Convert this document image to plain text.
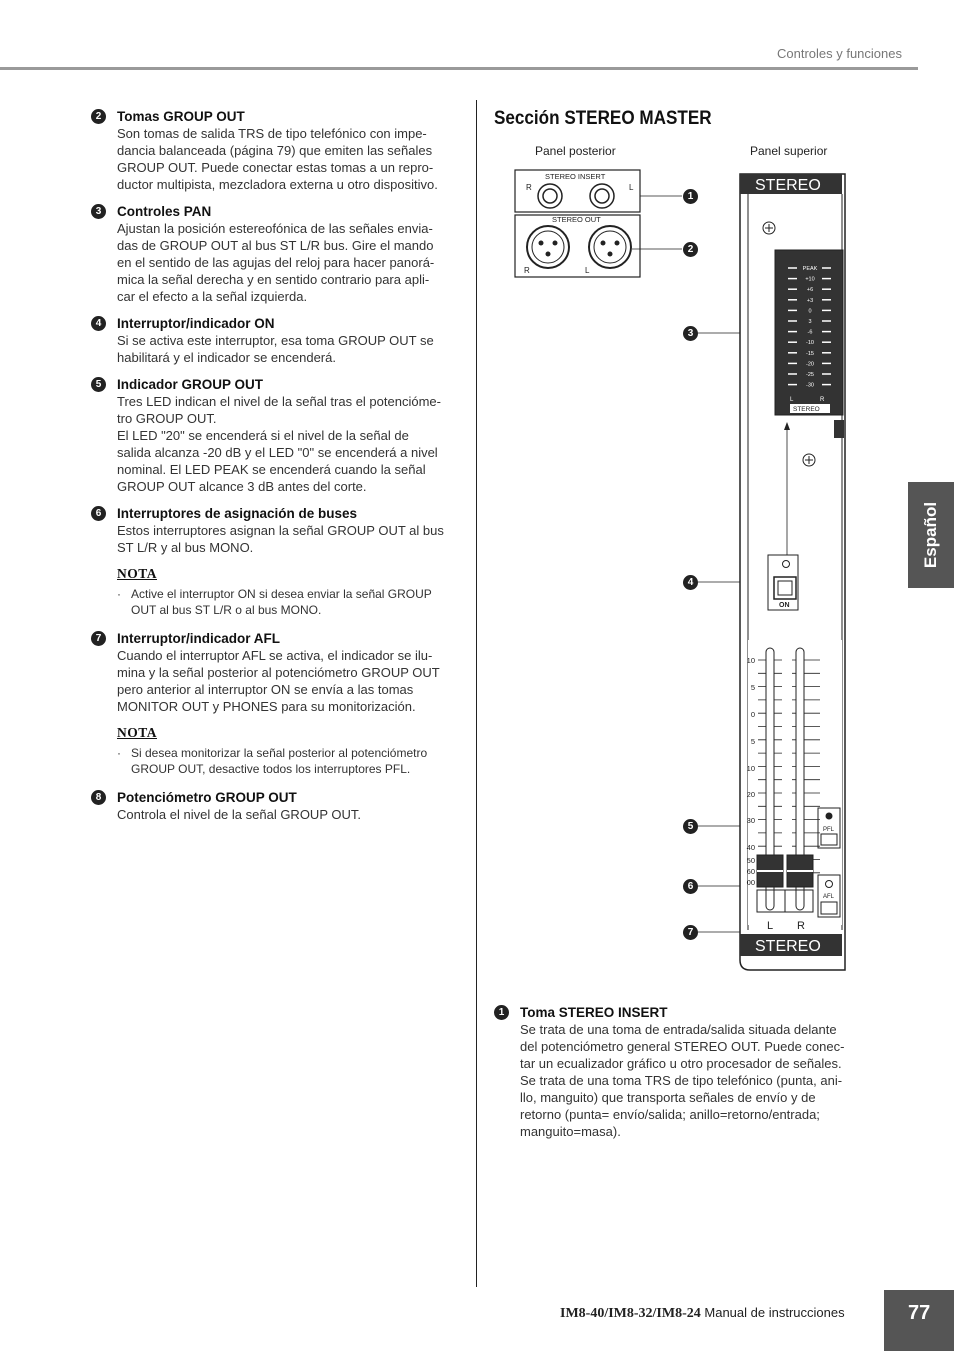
Controles y funciones
2	Tomas GROUP OUT
Son tomas de salida TRS de tipo telefónico con impe-
dancia balanceada (página 79) que emiten las señales
GROUP OUT. Puede conectar estas tomas a un repro-
ductor multipista, mezcladora externa u otro dispositivo.
3	Controles PAN
Ajustan la posición estereofónica de las señales envia-
das de GROUP OUT al bus ST L/R bus. Gire el mando
en el sentido de las agujas del reloj para hacer panorá-
mica la señal derecha y en sentido contrario para apli-
car el efecto a la señal izquierda.
4	Interruptor/indicador ON
Si se activa este interruptor, esa toma GROUP OUT se
habilitará y el indicador se encenderá.
5	Indicador GROUP OUT
Tres LED indican el nivel de la señal tras el potencióme-
tro GROUP OUT.
El LED "20" se encenderá si el nivel de la señal de
salida alcanza -20 dB y el LED "0" se encenderá a nivel
nominal. El LED PEAK se encenderá cuando la señal
GROUP OUT alcance 3 dB antes del corte.
6	Interruptores de asignación de buses
Estos interruptores asignan la señal GROUP OUT al bus
ST L/R y al bus MONO.
NOTA
· Active el interruptor ON si desea enviar la señal GROUP
OUT al bus ST L/R o al bus MONO.
7	Interruptor/indicador AFL
Cuando el interruptor AFL se activa, el indicador se ilu-
mina y la señal posterior al potenciómetro GROUP OUT
pero anterior al interruptor ON se envía a las tomas
MONITOR OUT y PHONES para su monitorización.
NOTA
· Si desea monitorizar la señal posterior al potenciómetro
GROUP OUT, desactive todos los interruptores PFL.
8	Potenciómetro GROUP OUT
Controla el nivel de la señal GROUP OUT.
Sección STEREO MASTER
Panel posterior	Panel superior
STEREO INSERT
R	L
STEREO OUT
R	L
STEREO
STEREO
L	R
PEAK
+10
+6
+3
0
3
-6
-10
-15
-20
-25
-30
ON
10
5
0
5
10
20
30
40
50
60
00
L R
PFL
AFL
STEREO
1
2
3
4
5
6
7
1	Toma STEREO INSERT
Se trata de una toma de entrada/salida situada delante
del potenciómetro general STEREO OUT. Puede conec-
tar un ecualizador gráfico u otro procesador de señales.
Se trata de una toma TRS de tipo telefónico (punta, ani-
llo, manguito) que transporta señales de envío y de
retorno (punta= envío/salida; anillo=retorno/entrada;
manguito=masa).
Español
IM8-40/IM8-32/IM8-24 Manual de instrucciones	77
